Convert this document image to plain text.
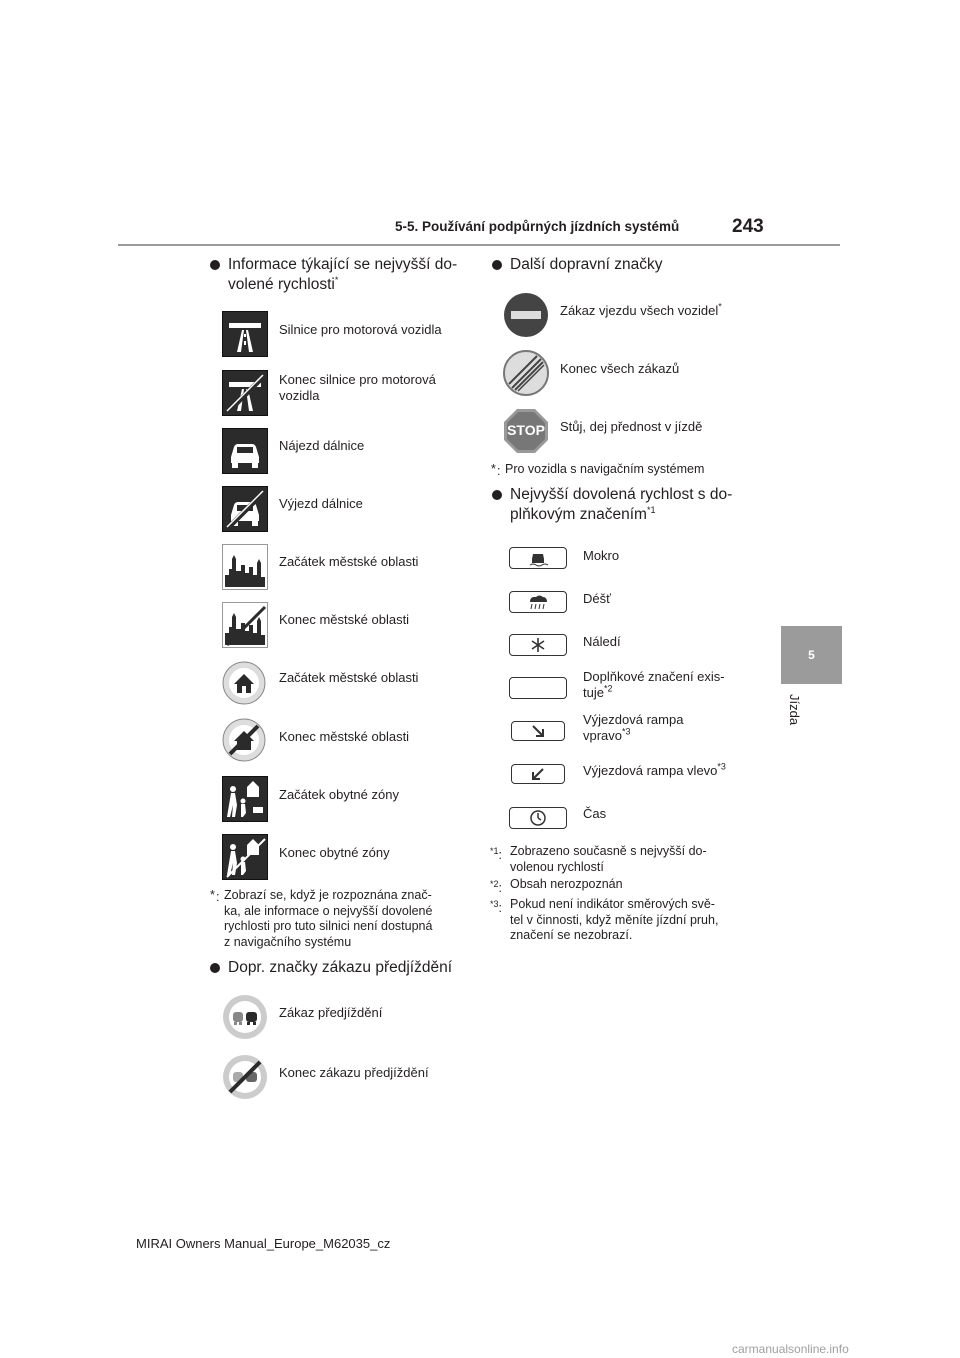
5-5. Používání podpůrných jízdních systémů	243
5
Jízda
Informace týkající se nejvyšší do-
volené rychlosti*
Silnice pro motorová vozidla
Konec silnice pro motorová
vozidla
Nájezd dálnice
Výjezd dálnice
Začátek městské oblasti
Konec městské oblasti
Začátek městské oblasti
Konec městské oblasti
Začátek obytné zóny
Konec obytné zóny
* : Zobrazí se, když je rozpoznána znač-
ka, ale informace o nejvyšší dovolené
rychlosti pro tuto silnici není dostupná
z navigačního systému
Dopr. značky zákazu předjíždění
Zákaz předjíždění
Konec zákazu předjíždění
Další dopravní značky
Zákaz vjezdu všech vozidel*
Konec všech zákazů
STOP	Stůj, dej přednost v jízdě
* : Pro vozidla s navigačním systémem
Nejvyšší dovolená rychlost s do-
plňkovým značením$^{*1}$
Mokro
Déšť
Náledí
Doplňkové značení exis-
tuje$^{*2}$
Výjezdová rampa
vpravo$^{*3}$
Výjezdová rampa vlevo$^{*3}$
Čas
$^{*1}$: Zobrazeno současně s nejvyšší do-
volenou rychlostí
$^{*2}$: Obsah nerozpoznán
$^{*3}$: Pokud není indikátor směrových svě-
tel v činnosti, když měníte jízdní pruh,
značení se nezobrazí.
MIRAI Owners Manual_Europe_M62035_cz
carmanualsonline.info
